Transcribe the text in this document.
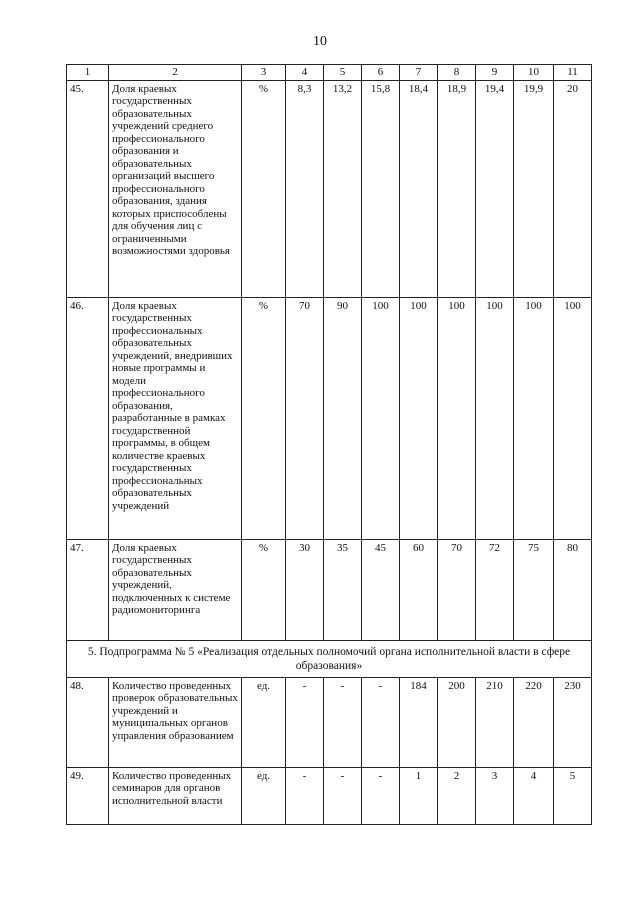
10
1	2	3	4	5	6	7	8	9	10	11
45.	Доля краевых государственных образовательных учреждений среднего профессионального образования и образовательных организаций высшего профессионального образования, здания которых приспособлены для обучения лиц с ограниченными возможностями здоровья	%	8,3	13,2	15,8	18,4	18,9	19,4	19,9	20
46.	Доля краевых государственных профессиональных образовательных учреждений, внедривших новые программы и модели профессионального образования, разработанные в рамках государственной программы, в общем количестве краевых государственных профессиональных образовательных учреждений	%	70	90	100	100	100	100	100	100
47.	Доля краевых государственных образовательных учреждений, подключенных к системе радиомониторинга	%	30	35	45	60	70	72	75	80
5. Подпрограмма № 5 «Реализация отдельных полномочий органа исполнительной власти в сфере образования»										
48.	Количество проведенных проверок образовательных учреждений и муниципальных органов управления образованием	ед.	-	-	-	184	200	210	220	230
49.	Количество проведенных семинаров для органов исполнительной власти	ед.	-	-	-	1	2	3	4	5
